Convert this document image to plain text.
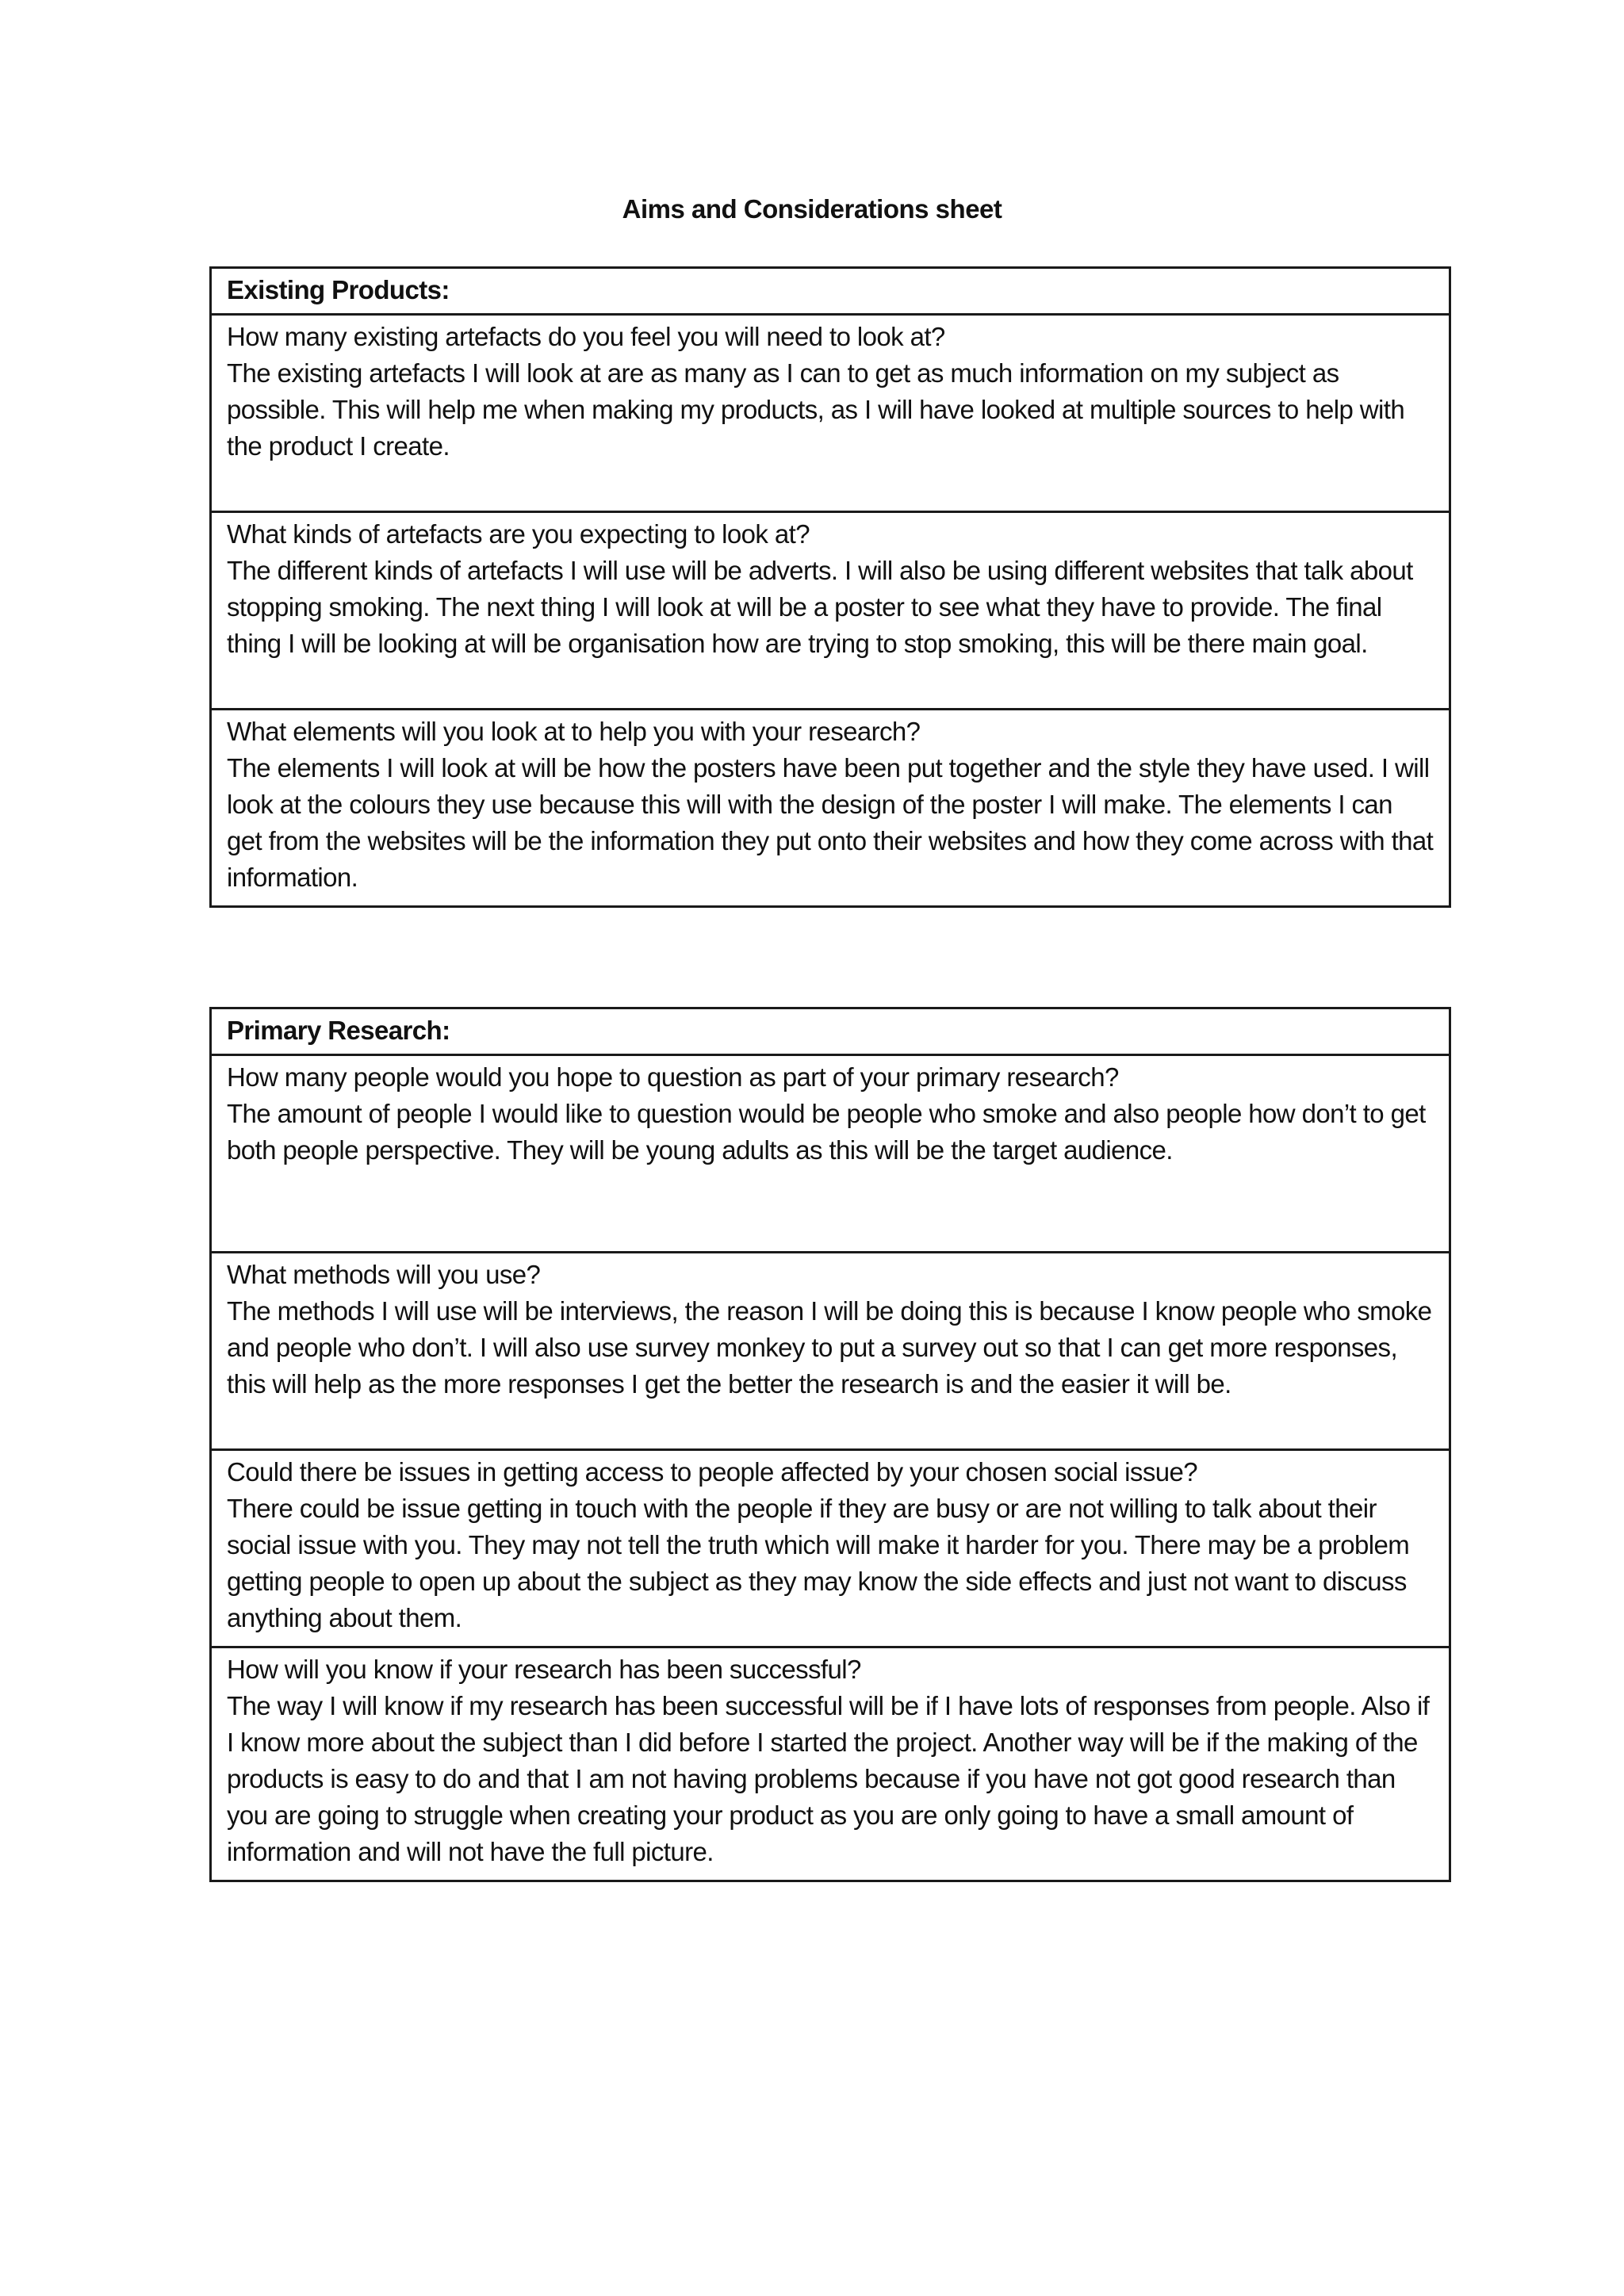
Aims and Considerations sheet
Existing Products:

How many existing artefacts do you feel you will need to look at?
The existing artefacts I will look at are as many as I can to get as much information on my subject as possible. This will help me when making my products, as I will have looked at multiple sources to help with the product I create.

What kinds of artefacts are you expecting to look at?
The different kinds of artefacts I will use will be adverts. I will also be using different websites that talk about stopping smoking. The next thing I will look at will be a poster to see what they have to provide. The final thing I will be looking at will be organisation how are trying to stop smoking, this will be there main goal.

What elements will you look at to help you with your research?
The elements I will look at will be how the posters have been put together and the style they have used. I will look at the colours they use because this will with the design of the poster I will make. The elements I can get from the websites will be the information they put onto their websites and how they come across with that information.
Primary Research:

How many people would you hope to question as part of your primary research?
The amount of people I would like to question would be people who smoke and also people how don’t to get both people perspective. They will be young adults as this will be the target audience.

What methods will you use?
The methods I will use will be interviews, the reason I will be doing this is because I know people who smoke and people who don’t. I will also use survey monkey to put a survey out so that I can get more responses, this will help as the more responses I get the better the research is and the easier it will be.

Could there be issues in getting access to people affected by your chosen social issue?
There could be issue getting in touch with the people if they are busy or are not willing to talk about their social issue with you. They may not tell the truth which will make it harder for you. There may be a problem getting people to open up about the subject as they may know the side effects and just not want to discuss anything about them.

How will you know if your research has been successful?
The way I will know if my research has been successful will be if I have lots of responses from people. Also if I know more about the subject than I did before I started the project. Another way will be if the making of the products is easy to do and that I am not having problems because if you have not got good research than you are going to struggle when creating your product as you are only going to have a small amount of information and will not have the full picture.
